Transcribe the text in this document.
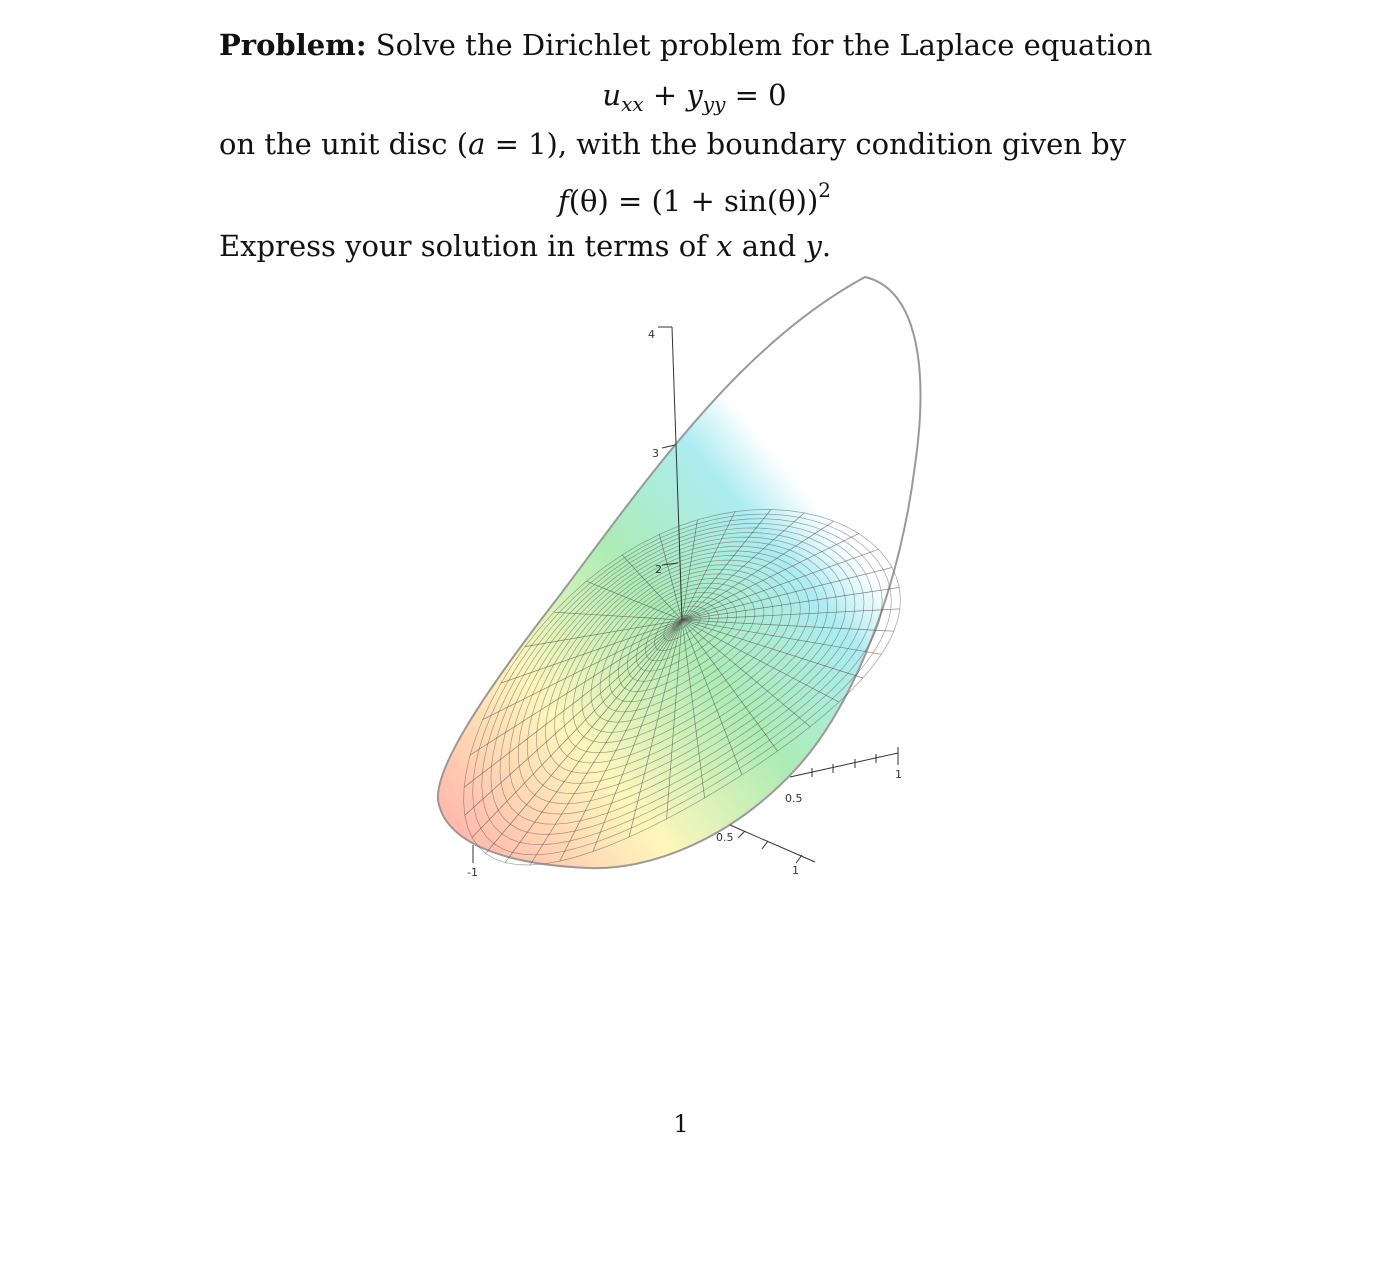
Problem: Solve the Dirichlet problem for the Laplace equation
$u_{xx} + y_{yy} = 0$
on the unit disc (a = 1), with the boundary condition given by
$f(\theta) = (1 + \sin(\theta))^2$
Express your solution in terms of x and y.
4
3
2
0.5
1
0.5
1
-1
1
